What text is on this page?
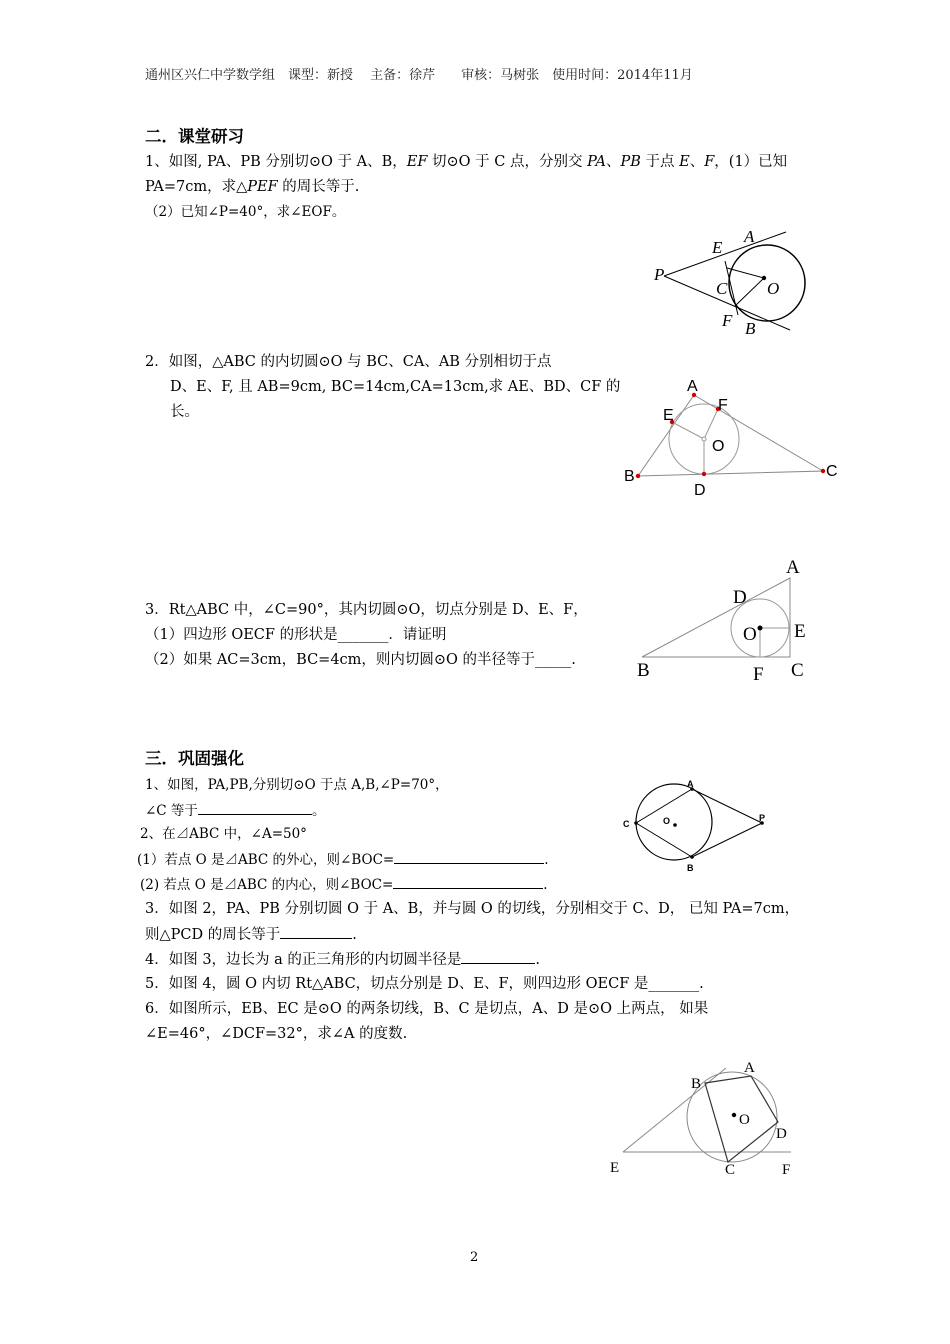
通州区兴仁中学数学组　课型：新授　 主备：徐芹　　审核：马树张　使用时间：2014年11月
二．课堂研习
1、如图, PA、PB 分别切⊙O 于 A、B，EF 切⊙O 于 C 点，分别交 PA、PB 于点 E、F，(1）已知
PA=7cm，求△PEF 的周长等于.
（2）已知∠P=40°，求∠EOF。
A
E
P
C O
F B
2．如图，△ABC 的内切圆⊙O 与 BC、CA、AB 分别相切于点
D、E、F, 且 AB=9cm, BC=14cm,CA=13cm,求 AE、BD、CF 的
长。
A
E
F
O
B	C
D
3．Rt△ABC 中，∠C=90°，其内切圆⊙O，切点分别是 D、E、F，
（1）四边形 OECF 的形状是_______．请证明
（2）如果 AC=3cm，BC=4cm，则内切圆⊙O 的半径等于_____.
A
D
O E
B	F C
三．巩固强化
1、如图，PA,PB,分别切⊙O 于点 A,B,∠P=70°，
∠C 等于	。
2、在⊿ABC 中，∠A=50°
(1）若点 O 是⊿ABC 的外心，则∠BOC=	.
(2) 若点 O 是⊿ABC 的内心，则∠BOC=	.
A
C	O	P
B
3．如图 2，PA、PB 分别切圆 O 于 A、B，并与圆 O 的切线，分别相交于 C、D， 已知 PA=7cm，
则△PCD 的周长等于	.
4．如图 3，边长为 a 的正三角形的内切圆半径是	.
5．如图 4，圆 O 内切 Rt△ABC，切点分别是 D、E、F，则四边形 OECF 是_______.
6．如图所示，EB、EC 是⊙O 的两条切线，B、C 是切点，A、D 是⊙O 上两点， 如果
∠E=46°，∠DCF=32°，求∠A 的度数.
A
B
O
D
E	C	F
2
